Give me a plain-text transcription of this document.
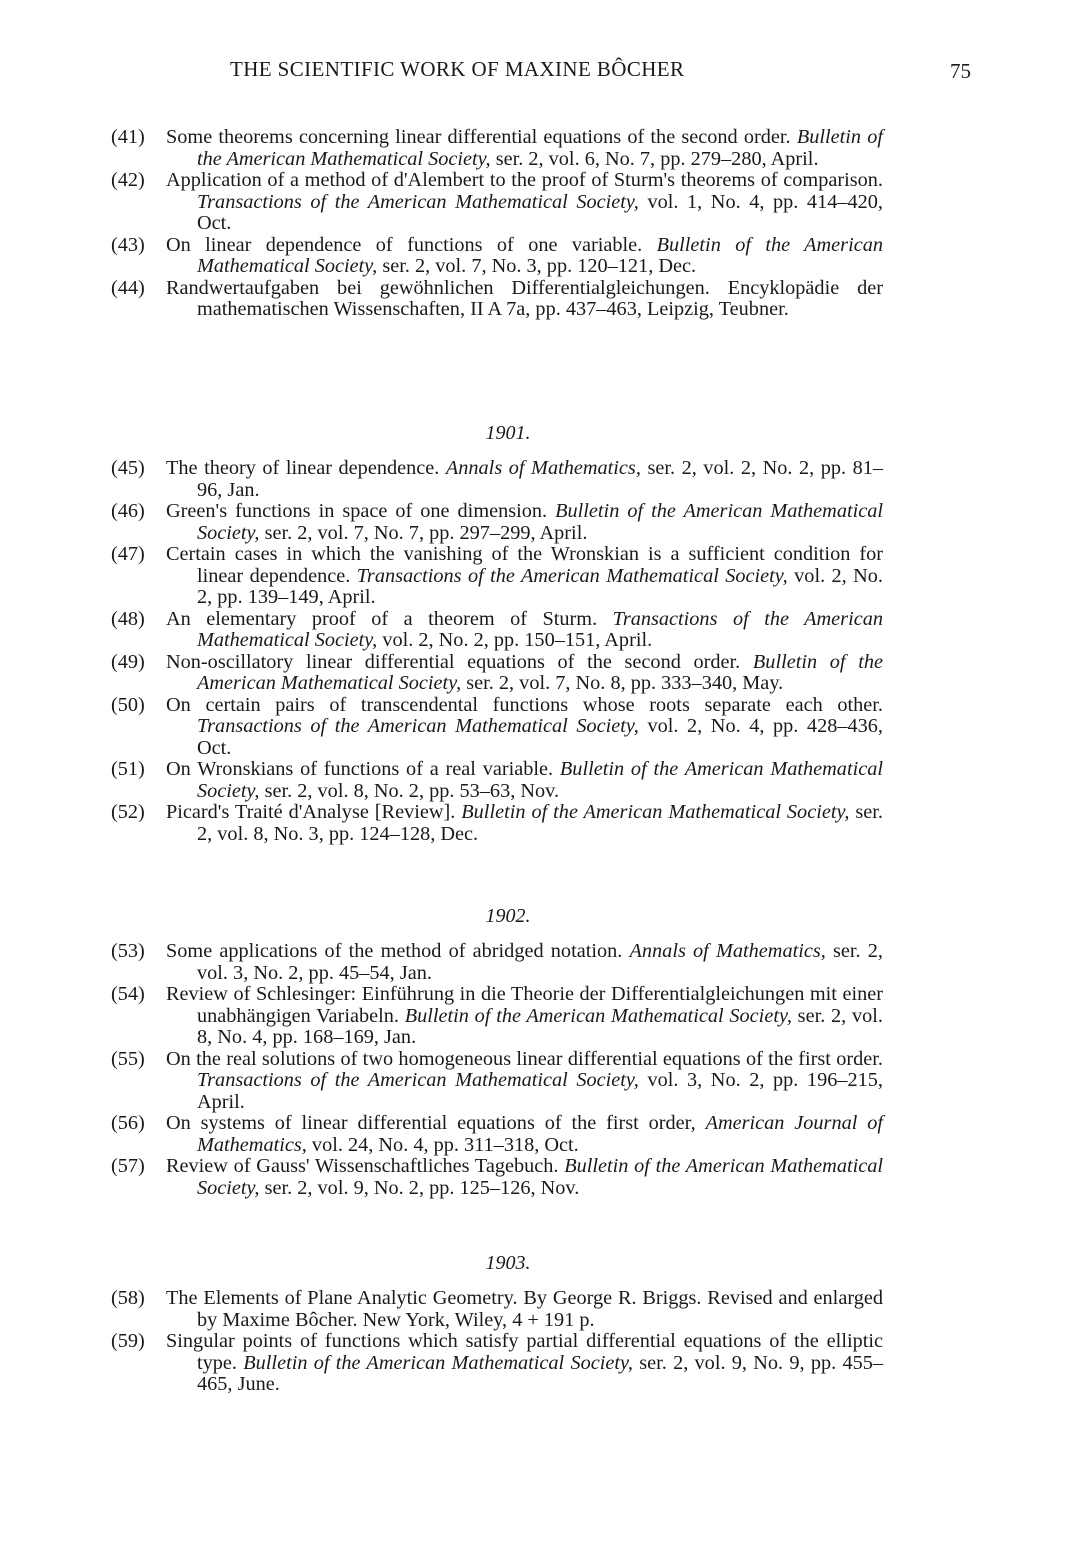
THE SCIENTIFIC WORK OF MAXINE BÔCHER	75
(41) Some theorems concerning linear differential equations of the second order. Bulletin of the American Mathematical Society, ser. 2, vol. 6, No. 7, pp. 279–280, April.
(42) Application of a method of d'Alembert to the proof of Sturm's theorems of comparison. Transactions of the American Mathematical Society, vol. 1, No. 4, pp. 414–420, Oct.
(43) On linear dependence of functions of one variable. Bulletin of the American Mathematical Society, ser. 2, vol. 7, No. 3, pp. 120–121, Dec.
(44) Randwertaufgaben bei gewöhnlichen Differentialgleichungen. Encyklopädie der mathematischen Wissenschaften, II A 7a, pp. 437–463, Leipzig, Teubner.
1901.
(45) The theory of linear dependence. Annals of Mathematics, ser. 2, vol. 2, No. 2, pp. 81–96, Jan.
(46) Green's functions in space of one dimension. Bulletin of the American Mathematical Society, ser. 2, vol. 7, No. 7, pp. 297–299, April.
(47) Certain cases in which the vanishing of the Wronskian is a sufficient condition for linear dependence. Transactions of the American Mathematical Society, vol. 2, No. 2, pp. 139–149, April.
(48) An elementary proof of a theorem of Sturm. Transactions of the American Mathematical Society, vol. 2, No. 2, pp. 150–151, April.
(49) Non-oscillatory linear differential equations of the second order. Bulletin of the American Mathematical Society, ser. 2, vol. 7, No. 8, pp. 333–340, May.
(50) On certain pairs of transcendental functions whose roots separate each other. Transactions of the American Mathematical Society, vol. 2, No. 4, pp. 428–436, Oct.
(51) On Wronskians of functions of a real variable. Bulletin of the American Mathematical Society, ser. 2, vol. 8, No. 2, pp. 53–63, Nov.
(52) Picard's Traité d'Analyse [Review]. Bulletin of the American Mathematical Society, ser. 2, vol. 8, No. 3, pp. 124–128, Dec.
1902.
(53) Some applications of the method of abridged notation. Annals of Mathematics, ser. 2, vol. 3, No. 2, pp. 45–54, Jan.
(54) Review of Schlesinger: Einführung in die Theorie der Differentialgleichungen mit einer unabhängigen Variabeln. Bulletin of the American Mathematical Society, ser. 2, vol. 8, No. 4, pp. 168–169, Jan.
(55) On the real solutions of two homogeneous linear differential equations of the first order. Transactions of the American Mathematical Society, vol. 3, No. 2, pp. 196–215, April.
(56) On systems of linear differential equations of the first order, American Journal of Mathematics, vol. 24, No. 4, pp. 311–318, Oct.
(57) Review of Gauss' Wissenschaftliches Tagebuch. Bulletin of the American Mathematical Society, ser. 2, vol. 9, No. 2, pp. 125–126, Nov.
1903.
(58) The Elements of Plane Analytic Geometry. By George R. Briggs. Revised and enlarged by Maxime Bôcher. New York, Wiley, 4 + 191 p.
(59) Singular points of functions which satisfy partial differential equations of the elliptic type. Bulletin of the American Mathematical Society, ser. 2, vol. 9, No. 9, pp. 455–465, June.
